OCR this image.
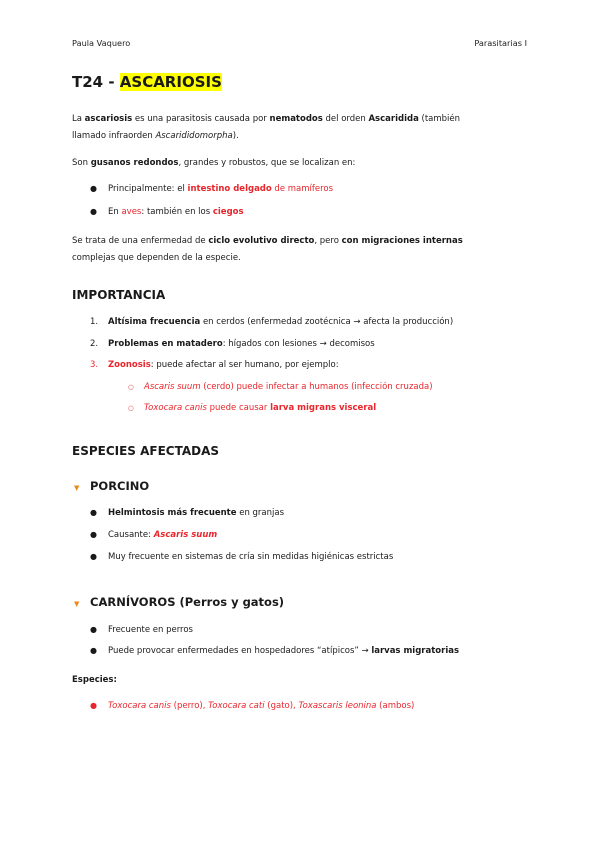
Paula Vaquero	Parasitarias I
T24 - ASCARIOSIS

La ascariosis es una parasitosis causada por nematodos del orden Ascaridida (también
llamado infraorden Ascarididomorpha).

Son gusanos redondos, grandes y robustos, que se localizan en:

● Principalmente: el intestino delgado de mamíferos

● En aves: también en los ciegos

Se trata de una enfermedad de ciclo evolutivo directo, pero con migraciones internas
complejas que dependen de la especie.

IMPORTANCIA

1. Altísima frecuencia en cerdos (enfermedad zootécnica → afecta la producción)

2. Problemas en matadero: hígados con lesiones → decomisos

3. Zoonosis: puede afectar al ser humano, por ejemplo:

○ Ascaris suum (cerdo) puede infectar a humanos (infección cruzada)

○ Toxocara canis puede causar larva migrans visceral

ESPECIES AFECTADAS
▼ PORCINO

● Helmintosis más frecuente en granjas

● Causante: Ascaris suum

● Muy frecuente en sistemas de cría sin medidas higiénicas estrictas

▼ CARNÍVOROS (Perros y gatos)

● Frecuente en perros

● Puede provocar enfermedades en hospedadores “atípicos” → larvas migratorias

Especies:

● Toxocara canis (perro), Toxocara cati (gato), Toxascaris leonina (ambos)
